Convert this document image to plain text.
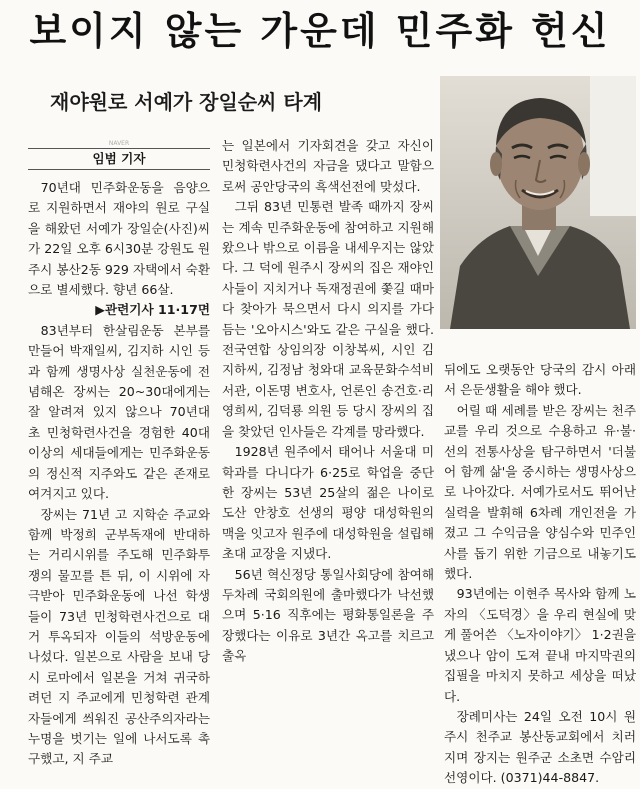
보이지 않는 가운데 민주화 헌신
재야원로 서예가 장일순씨 타계
NAVER
임범 기자

70년대 민주화운동을 음양으로 지원하면서 재야의 원로 구실을 해왔던 서예가 장일순(사진)씨가 22일 오후 6시30분 강원도 원주시 봉산2동 929 자택에서 숙환으로 별세했다. 향년 66살.

▶관련기사 11·17면

83년부터 한살림운동 본부를 만들어 박재일씨, 김지하 시인 등과 함께 생명사상 실천운동에 전념해온 장씨는 20~30대에게는 잘 알려져 있지 않으나 70년대 초 민청학련사건을 경험한 40대 이상의 세대들에게는 민주화운동의 정신적 지주와도 같은 존재로 여겨지고 있다.

장씨는 71년 고 지학순 주교와 함께 박정희 군부독재에 반대하는 거리시위를 주도해 민주화투쟁의 물꼬를 튼 뒤, 이 시위에 자극받아 민주화운동에 나선 학생들이 73년 민청학련사건으로 대거 투옥되자 이들의 석방운동에 나섰다. 일본으로 사람을 보내 당시 로마에서 일본을 거쳐 귀국하려던 지 주교에게 민청학련 관계자들에게 씌워진 공산주의자라는 누명을 벗기는 일에 나서도록 촉구했고, 지 주교

는 일본에서 기자회견을 갖고 자신이 민청학련사건의 자금을 댔다고 말함으로써 공안당국의 흑색선전에 맞섰다.

그뒤 83년 민통련 발족 때까지 장씨는 계속 민주화운동에 참여하고 지원해왔으나 밖으로 이름을 내세우지는 않았다. 그 덕에 원주시 장씨의 집은 재야인사들이 지치거나 독재정권에 쫓길 때마다 찾아가 묵으면서 다시 의지를 가다듬는 '오아시스'와도 같은 구실을 했다. 전국연합 상임의장 이창복씨, 시인 김지하씨, 김정남 청와대 교육문화수석비서관, 이돈명 변호사, 언론인 송건호·리영희씨, 김덕룡 의원 등 당시 장씨의 집을 찾았던 인사들은 각계를 망라했다.

1928년 원주에서 태어나 서울대 미학과를 다니다가 6·25로 학업을 중단한 장씨는 53년 25살의 젊은 나이로 도산 안창호 선생의 평양 대성학원의 맥을 잇고자 원주에 대성학원을 설립해 초대 교장을 지냈다.

56년 혁신정당 통일사회당에 참여해 두차례 국회의원에 출마했다가 낙선했으며 5·16 직후에는 평화통일론을 주장했다는 이유로 3년간 옥고를 치르고 출옥

뒤에도 오랫동안 당국의 감시 아래서 은둔생활을 해야 했다.

어릴 때 세례를 받은 장씨는 천주교를 우리 것으로 수용하고 유·불·선의 전통사상을 탐구하면서 '더불어 함께 삶'을 중시하는 생명사상으로 나아갔다. 서예가로서도 뛰어난 실력을 발휘해 6차례 개인전을 가졌고 그 수익금을 양심수와 민주인사를 돕기 위한 기금으로 내놓기도 했다.

93년에는 이현주 목사와 함께 노자의 〈도덕경〉을 우리 현실에 맞게 풀어쓴 〈노자이야기〉 1·2권을 냈으나 암이 도져 끝내 마지막권의 집필을 마치지 못하고 세상을 떠났다.

장례미사는 24일 오전 10시 원주시 천주교 봉산동교회에서 치러지며 장지는 원주군 소초면 수암리 선영이다. (0371)44-8847.
